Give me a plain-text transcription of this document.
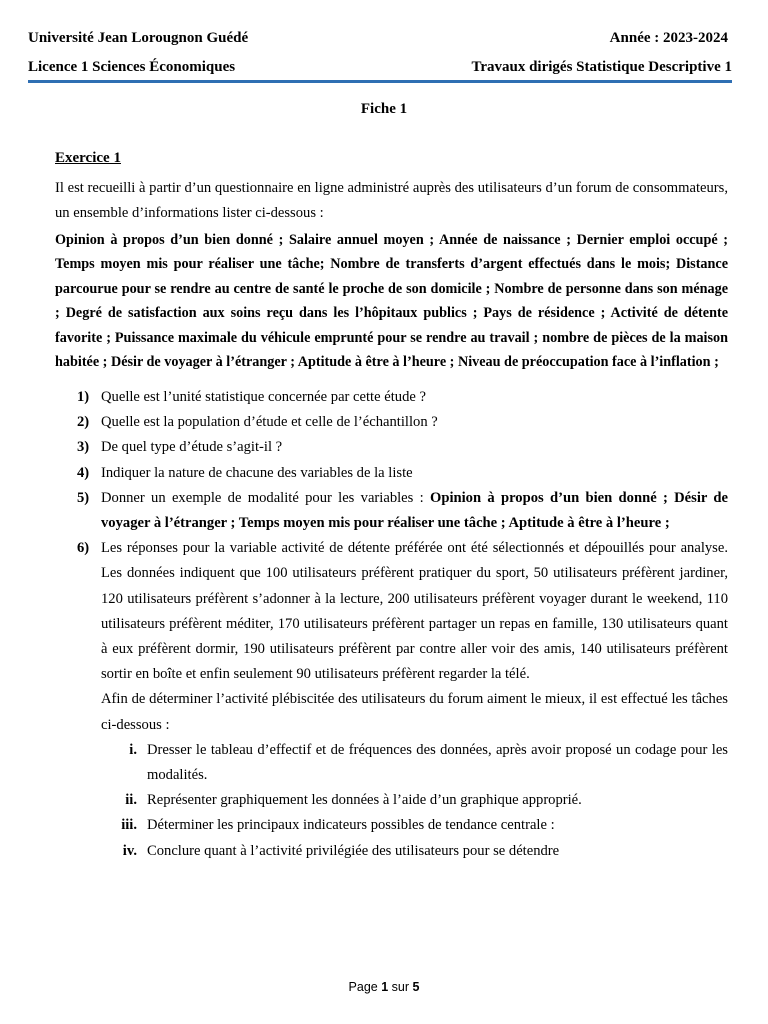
Université Jean Lorougnon Guédé	Année : 2023-2024
Licence 1 Sciences Économiques	Travaux dirigés Statistique Descriptive 1
Fiche 1
Exercice 1

Il est recueilli à partir d’un questionnaire en ligne administré auprès des utilisateurs d’un forum de consommateurs, un ensemble d’informations lister ci-dessous :

Opinion à propos d’un bien donné ; Salaire annuel moyen ; Année de naissance ; Dernier emploi occupé ; Temps moyen mis pour réaliser une tâche; Nombre de transferts d’argent effectués dans le mois; Distance parcourue pour se rendre au centre de santé le proche de son domicile ; Nombre de personne dans son ménage ; Degré de satisfaction aux soins reçu dans les l’hôpitaux publics ; Pays de résidence ; Activité de détente favorite ; Puissance maximale du véhicule emprunté pour se rendre au travail ; nombre de pièces de la maison habitée ; Désir de voyager à l’étranger ; Aptitude à être à l’heure ; Niveau de préoccupation face à l’inflation ;

1) Quelle est l’unité statistique concernée par cette étude ?
2) Quelle est la population d’étude et celle de l’échantillon ?
3) De quel type d’étude s’agit-il ?
4) Indiquer la nature de chacune des variables de la liste
5) Donner un exemple de modalité pour les variables : Opinion à propos d’un bien donné ; Désir de voyager à l’étranger ; Temps moyen mis pour réaliser une tâche ; Aptitude à être à l’heure ;
6) Les réponses pour la variable activité de détente préférée ont été sélectionnés et dépouillés pour analyse. Les données indiquent que 100 utilisateurs préfèrent pratiquer du sport, 50 utilisateurs préfèrent jardiner, 120 utilisateurs préfèrent s’adonner à la lecture, 200 utilisateurs préfèrent voyager durant le weekend, 110 utilisateurs préfèrent méditer, 170 utilisateurs préfèrent partager un repas en famille, 130 utilisateurs quant à eux préfèrent dormir, 190 utilisateurs préfèrent par contre aller voir des amis, 140 utilisateurs préfèrent sortir en boîte et enfin seulement 90 utilisateurs préfèrent regarder la télé.
Afin de déterminer l’activité plébiscitée des utilisateurs du forum aiment le mieux, il est effectué les tâches ci-dessous :
i. Dresser le tableau d’effectif et de fréquences des données, après avoir proposé un codage pour les modalités.
ii. Représenter graphiquement les données à l’aide d’un graphique approprié.
iii. Déterminer les principaux indicateurs possibles de tendance centrale :
iv. Conclure quant à l’activité privilégiée des utilisateurs pour se détendre
Page 1 sur 5
